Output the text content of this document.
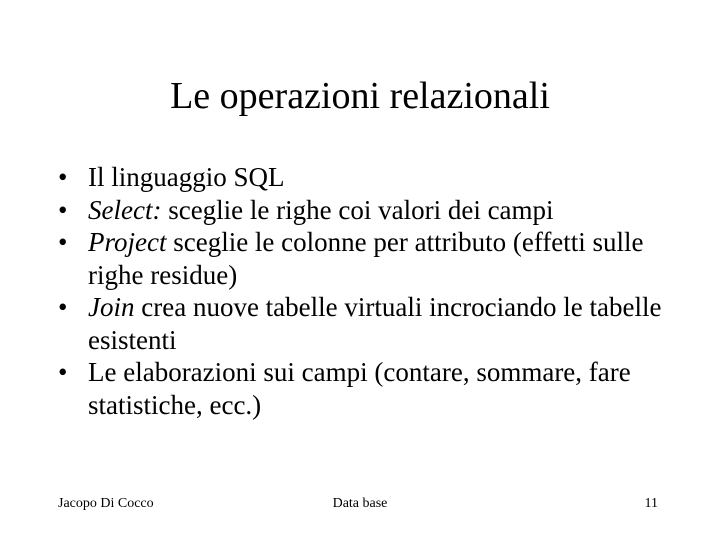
Le operazioni relazionali
• Il linguaggio SQL
• Select: sceglie le righe coi valori dei campi
• Project sceglie le colonne per attributo (effetti sulle righe residue)
• Join crea nuove tabelle virtuali incrociando le tabelle esistenti
• Le elaborazioni sui campi (contare, sommare, fare statistiche, ecc.)
Jacopo Di Cocco	Data base	11
